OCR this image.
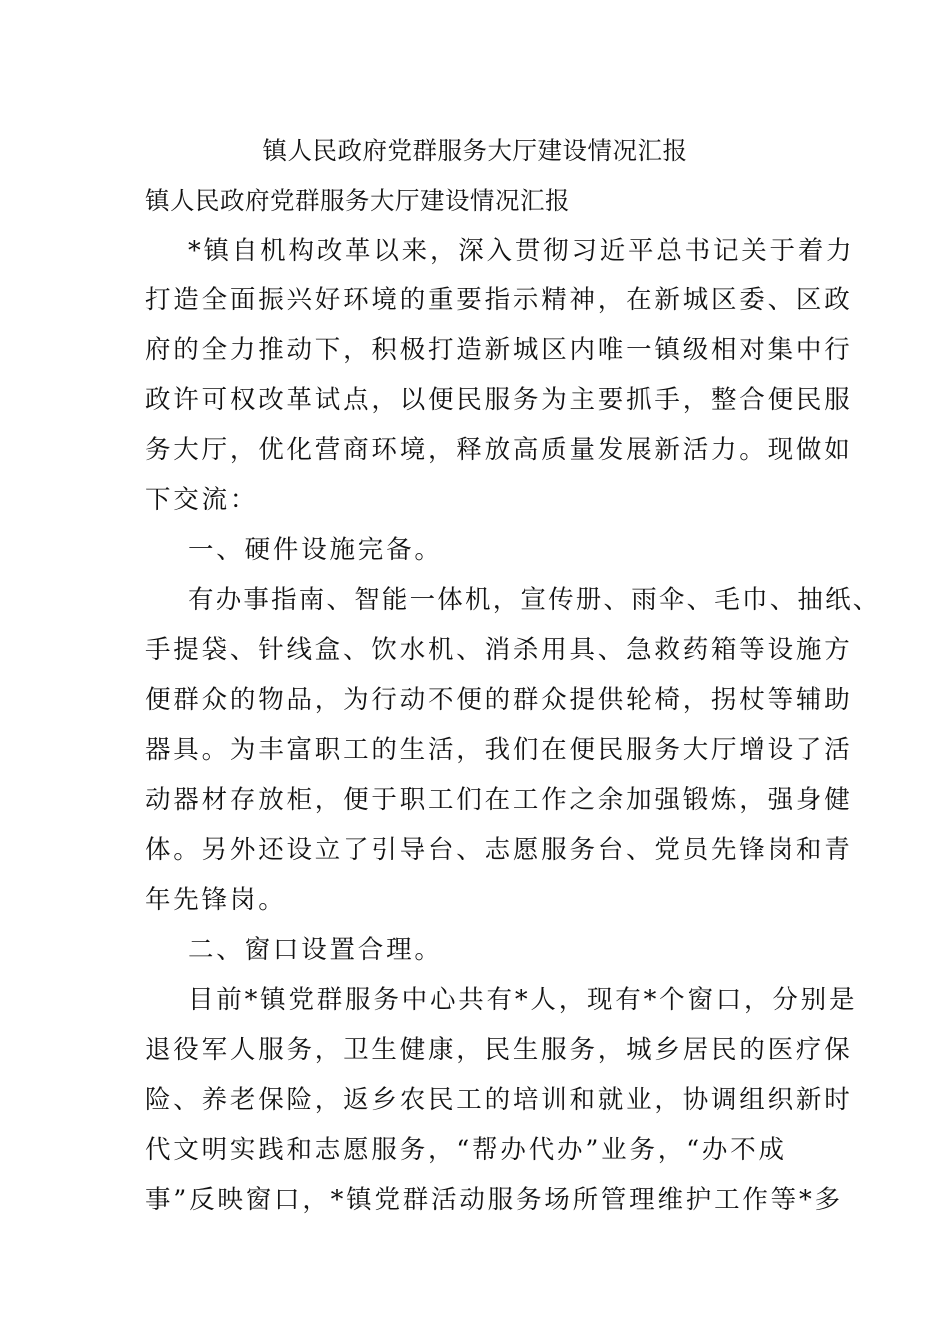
镇人民政府党群服务大厅建设情况汇报
镇人民政府党群服务大厅建设情况汇报
*镇自机构改革以来，深入贯彻习近平总书记关于着力
打造全面振兴好环境的重要指示精神，在新城区委、区政
府的全力推动下，积极打造新城区内唯一镇级相对集中行
政许可权改革试点，以便民服务为主要抓手，整合便民服
务大厅，优化营商环境，释放高质量发展新活力。现做如
下交流：
一、硬件设施完备。
有办事指南、智能一体机，宣传册、雨伞、毛巾、抽纸、
手提袋、针线盒、饮水机、消杀用具、急救药箱等设施方
便群众的物品，为行动不便的群众提供轮椅，拐杖等辅助
器具。为丰富职工的生活，我们在便民服务大厅增设了活
动器材存放柜，便于职工们在工作之余加强锻炼，强身健
体。另外还设立了引导台、志愿服务台、党员先锋岗和青
年先锋岗。
二、窗口设置合理。
目前*镇党群服务中心共有*人，现有*个窗口，分别是
退役军人服务，卫生健康，民生服务，城乡居民的医疗保
险、养老保险，返乡农民工的培训和就业，协调组织新时
代文明实践和志愿服务，“帮办代办”业务，“办不成
事”反映窗口，*镇党群活动服务场所管理维护工作等*多
